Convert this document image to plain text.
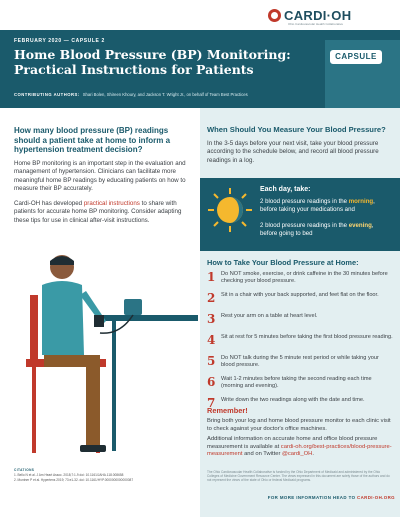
CARDI·OH
Ohio Cardiovascular Health Collaborative
CAPSULE
FEBRUARY 2020 — CAPSULE 2
Home Blood Pressure (BP) Monitoring: Practical Instructions for Patients
CONTRIBUTING AUTHORS: Shari Bolen, Shireen Khoury, and Jackson T. Wright Jr., on behalf of Team Best Practices
How many blood pressure (BP) readings should a patient take at home to inform a hypertension treatment decision?
Home BP monitoring is an important step in the evaluation and management of hypertension. Clinicians can facilitate more meaningful home BP readings by educating patients on how to measure their BP accurately.
Cardi-OH has developed practical instructions to share with patients for accurate home BP monitoring. Consider adapting these tips for use in clinical after-visit instructions.
CITATIONS
1. Bello N et al. J Am Heart Assoc. 2018;7:1-9 doi: 10.1161/JAHA.118.008658
2. Muntner P et al. Hypertens 2019; 73:e1-32. doi: 10.1161/HYP.0000000000000087
When Should You Measure Your Blood Pressure?
In the 3-5 days before your next visit, take your blood pressure according to the schedule below, and record all blood pressure readings in a log.
Each day, take:
2 blood pressure readings in the morning, before taking your medications and
2 blood pressure readings in the evening, before going to bed
How to Take Your Blood Pressure at Home:
1	Do NOT smoke, exercise, or drink caffeine in the 30 minutes before checking your blood pressure.
2	Sit in a chair with your back supported, and feet flat on the floor.
3	Rest your arm on a table at heart level.
4	Sit at rest for 5 minutes before taking the first blood pressure reading.
5	Do NOT talk during the 5 minute rest period or while taking your blood pressure.
6	Wait 1-2 minutes before taking the second reading each time (morning and evening).
7	Write down the two readings along with the date and time.
Remember!
Bring both your log and home blood pressure monitor to each clinic visit to check against your doctor's office machines.
Additional information on accurate home and office blood pressure measurement is available at cardi-oh.org/best-practices/blood-pressure-measurement and on Twitter @cardi_OH.
The Ohio Cardiovascular Health Collaborative is funded by the Ohio Department of Medicaid and administered by the Ohio Colleges of Medicine Government Resource Center. The views expressed in this document are solely those of the authors and do not represent the views of the state of Ohio or federal Medicaid programs.
FOR MORE INFORMATION HEAD TO CARDI-OH.ORG
